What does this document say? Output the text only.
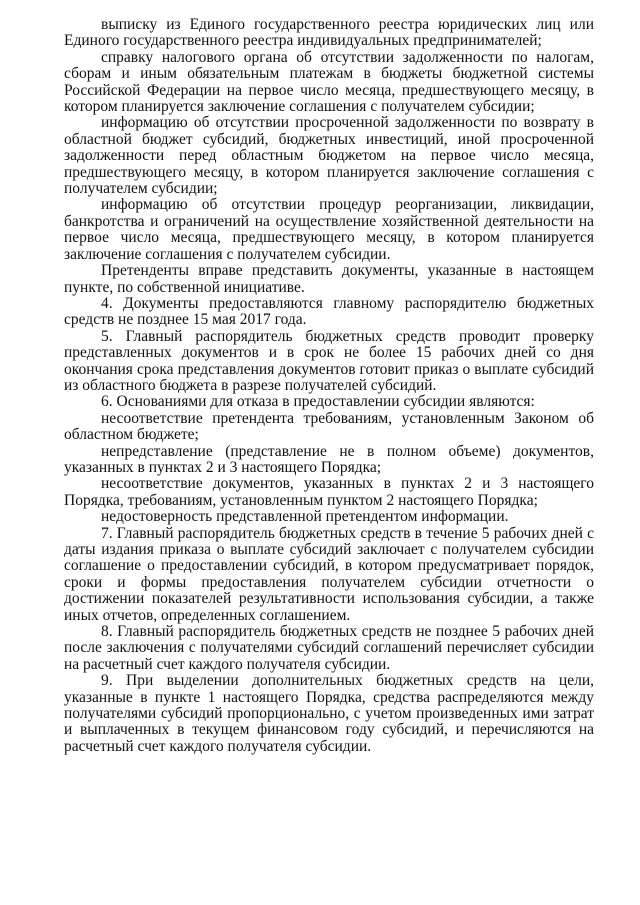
выписку из Единого государственного реестра юридических лиц или Единого государственного реестра индивидуальных предпринимателей;

справку налогового органа об отсутствии задолженности по налогам, сборам и иным обязательным платежам в бюджеты бюджетной системы Российской Федерации на первое число месяца, предшествующего месяцу, в котором планируется заключение соглашения с получателем субсидии;

информацию об отсутствии просроченной задолженности по возврату в областной бюджет субсидий, бюджетных инвестиций, иной просроченной задолженности перед областным бюджетом на первое число месяца, предшествующего месяцу, в котором планируется заключение соглашения с получателем субсидии;

информацию об отсутствии процедур реорганизации, ликвидации, банкротства и ограничений на осуществление хозяйственной деятельности на первое число месяца, предшествующего месяцу, в котором планируется заключение соглашения с получателем субсидии.

Претенденты вправе представить документы, указанные в настоящем пункте, по собственной инициативе.

4. Документы предоставляются главному распорядителю бюджетных средств не позднее 15 мая 2017 года.

5. Главный распорядитель бюджетных средств проводит проверку представленных документов и в срок не более 15 рабочих дней со дня окончания срока представления документов готовит приказ о выплате субсидий из областного бюджета в разрезе получателей субсидий.

6. Основаниями для отказа в предоставлении субсидии являются:

несоответствие претендента требованиям, установленным Законом об областном бюджете;

непредставление (представление не в полном объеме) документов, указанных в пунктах 2 и 3 настоящего Порядка;

несоответствие документов, указанных в пунктах 2 и 3 настоящего Порядка, требованиям, установленным пунктом 2 настоящего Порядка;

недостоверность представленной претендентом информации.

7. Главный распорядитель бюджетных средств в течение 5 рабочих дней с даты издания приказа о выплате субсидий заключает с получателем субсидии соглашение о предоставлении субсидий, в котором предусматривает порядок, сроки и формы предоставления получателем субсидии отчетности о достижении показателей результативности использования субсидии, а также иных отчетов, определенных соглашением.

8. Главный распорядитель бюджетных средств не позднее 5 рабочих дней после заключения с получателями субсидий соглашений перечисляет субсидии на расчетный счет каждого получателя субсидии.

9. При выделении дополнительных бюджетных средств на цели, указанные в пункте 1 настоящего Порядка, средства распределяются между получателями субсидий пропорционально, с учетом произведенных ими затрат и выплаченных в текущем финансовом году субсидий, и перечисляются на расчетный счет каждого получателя субсидии.
